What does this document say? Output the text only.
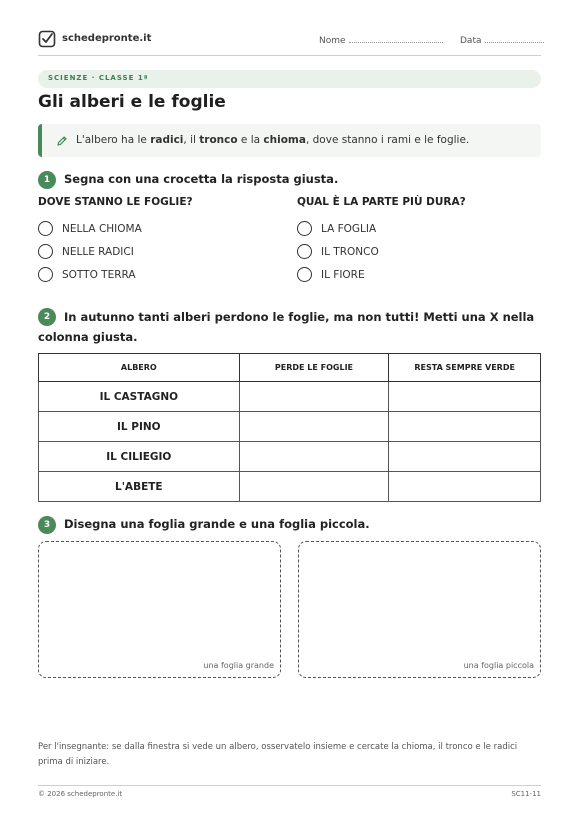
schedepronte.it	Nome	Data
SCIENZE · CLASSE 1ª
Gli alberi e le foglie
L'albero ha le radici, il tronco e la chioma, dove stanno i rami e le foglie.
1	Segna con una crocetta la risposta giusta.
DOVE STANNO LE FOGLIE?	QUAL È LA PARTE PIÙ DURA?
NELLA CHIOMA
NELLE RADICI
SOTTO TERRA
LA FOGLIA
IL TRONCO
IL FIORE
2	In autunno tanti alberi perdono le foglie, ma non tutti! Metti una X nella colonna giusta.
ALBERO	PERDE LE FOGLIE	RESTA SEMPRE VERDE
IL CASTAGNO		
IL PINO		
IL CILIEGIO		
L'ABETE		
3	Disegna una foglia grande e una foglia piccola.
una foglia grande	una foglia piccola
Per l'insegnante: se dalla finestra si vede un albero, osservatelo insieme e cercate la chioma, il tronco e le radici prima di iniziare.
© 2026 schedepronte.it	SC11-11
